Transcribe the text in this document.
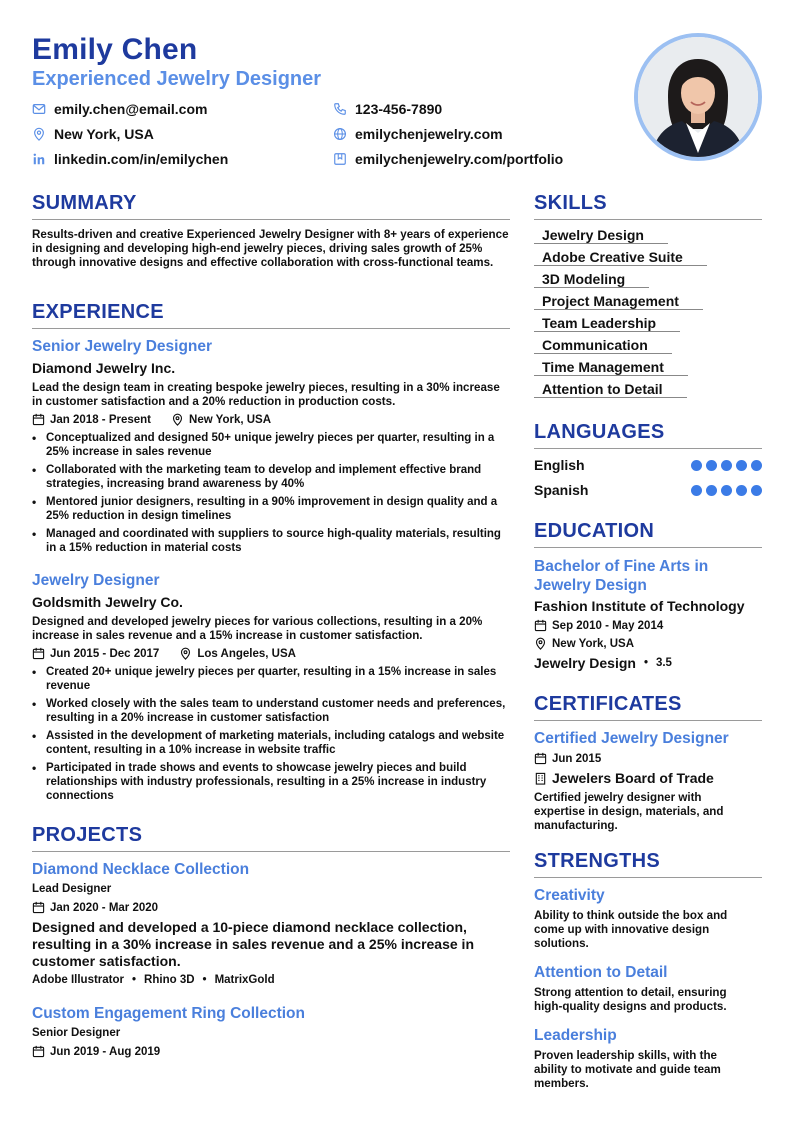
Emily Chen
Experienced Jewelry Designer
emily.chen@email.com	123-456-7890
New York, USA	emilychenjewelry.com
linkedin.com/in/emilychen	emilychenjewelry.com/portfolio
SUMMARY
Results-driven and creative Experienced Jewelry Designer with 8+ years of experience in designing and developing high-end jewelry pieces, driving sales growth of 25% through innovative designs and effective collaboration with cross-functional teams.
EXPERIENCE
Senior Jewelry Designer
Diamond Jewelry Inc.
Lead the design team in creating bespoke jewelry pieces, resulting in a 30% increase in customer satisfaction and a 20% reduction in production costs.
Jan 2018 - Present	New York, USA
• Conceptualized and designed 50+ unique jewelry pieces per quarter, resulting in a 25% increase in sales revenue
• Collaborated with the marketing team to develop and implement effective brand strategies, increasing brand awareness by 40%
• Mentored junior designers, resulting in a 90% improvement in design quality and a 25% reduction in design timelines
• Managed and coordinated with suppliers to source high-quality materials, resulting in a 15% reduction in material costs
Jewelry Designer
Goldsmith Jewelry Co.
Designed and developed jewelry pieces for various collections, resulting in a 20% increase in sales revenue and a 15% increase in customer satisfaction.
Jun 2015 - Dec 2017	Los Angeles, USA
• Created 20+ unique jewelry pieces per quarter, resulting in a 15% increase in sales revenue
• Worked closely with the sales team to understand customer needs and preferences, resulting in a 20% increase in customer satisfaction
• Assisted in the development of marketing materials, including catalogs and website content, resulting in a 10% increase in website traffic
• Participated in trade shows and events to showcase jewelry pieces and build relationships with industry professionals, resulting in a 25% increase in industry connections
PROJECTS
Diamond Necklace Collection
Lead Designer
Jan 2020 - Mar 2020
Designed and developed a 10-piece diamond necklace collection, resulting in a 30% increase in sales revenue and a 25% increase in customer satisfaction.
Adobe Illustrator • Rhino 3D • MatrixGold
Custom Engagement Ring Collection
Senior Designer
Jun 2019 - Aug 2019
SKILLS
Jewelry Design
Adobe Creative Suite
3D Modeling
Project Management
Team Leadership
Communication
Time Management
Attention to Detail
LANGUAGES
English
Spanish
EDUCATION
Bachelor of Fine Arts in Jewelry Design
Fashion Institute of Technology
Sep 2010 - May 2014
New York, USA
Jewelry Design • 3.5
CERTIFICATES
Certified Jewelry Designer
Jun 2015
Jewelers Board of Trade
Certified jewelry designer with expertise in design, materials, and manufacturing.
STRENGTHS
Creativity
Ability to think outside the box and come up with innovative design solutions.
Attention to Detail
Strong attention to detail, ensuring high-quality designs and products.
Leadership
Proven leadership skills, with the ability to motivate and guide team members.
